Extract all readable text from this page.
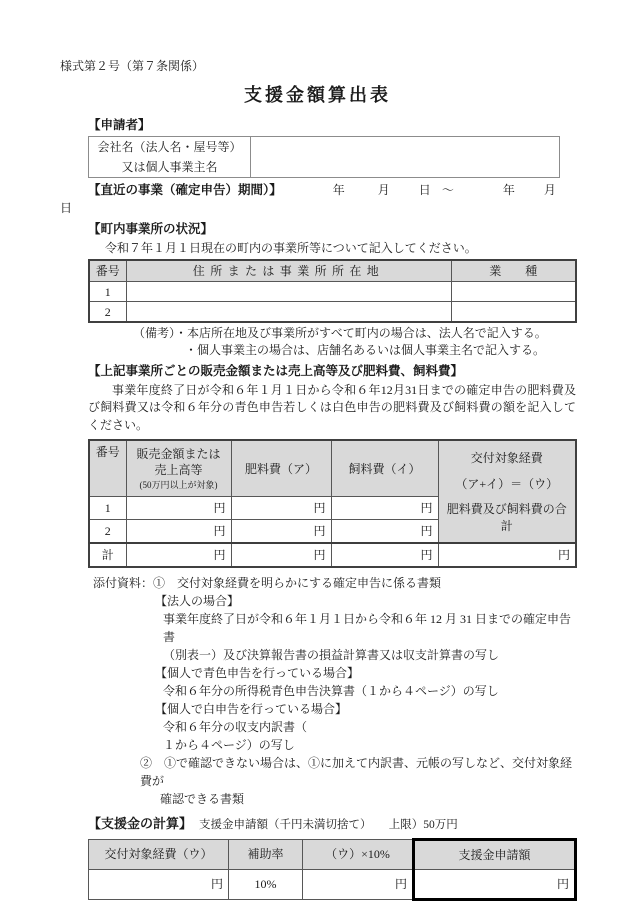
様式第２号（第７条関係）
支援金額算出表
【申請者】
会社名（法人名・屋号等）
又は個人事業主名

【直近の事業（確定申告）期間）】	年	月 日 ～	年 月
日
【町内事業所の状況】
令和７年１月１日現在の町内の事業所等について記入してください。
番号	住所または事業所所在地	業　　種
1		
2		
（備考）・本店所在地及び事業所がすべて町内の場合は、法人名で記入する。
・個人事業主の場合は、店舗名あるいは個人事業主名で記入する。
【上記事業所ごとの販売金額または売上高等及び肥料費、飼料費】
事業年度終了日が令和６年１月１日から令和６年12月31日までの確定申告の肥料費及び飼料費又は令和６年分の青色申告若しくは白色申告の肥料費及び飼料費の額を記入してください。
番号	販売金額または
売上高等
(50万円以上が対象)	肥料費（ア）	飼料費（イ）	交付対象経費
（ア+イ）＝（ウ）
肥料費及び飼料費の合計

1	円	円	円	
2	円	円	円	
計	円	円	円	円
添付資料：①　交付対象経費を明らかにする確定申告に係る書類
【法人の場合】
事業年度終了日が令和６年１月１日から令和６年 12 月 31 日までの確定申告書
（別表一）及び決算報告書の損益計算書又は収支計算書の写し
【個人で青色申告を行っている場合】
令和６年分の所得税青色申告決算書（１から４ページ）の写し
【個人で白申告を行っている場合】
令和６年分の収支内訳書（
１から４ページ）の写し
②　①で確認できない場合は、①に加えて内訳書、元帳の写しなど、交付対象経費が
確認できる書類
【支援金の計算】 支援金申請額（千円未満切捨て）　　上限）50万円
交付対象経費（ウ）	補助率	（ウ）×10%	支援金申請額
円	10%	円	円
